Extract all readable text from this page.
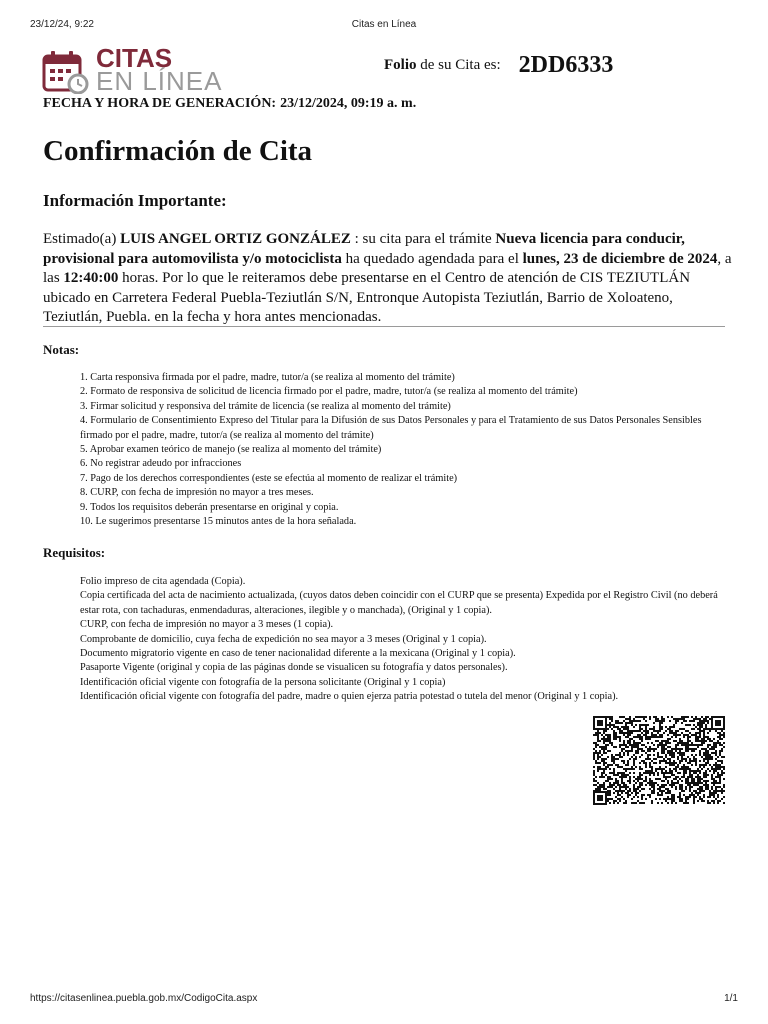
23/12/24, 9:22	Citas en Línea
CITAS
EN LÍNEA
Folio de su Cita es: 2DD6333
FECHA Y HORA DE GENERACIÓN: 23/12/2024, 09:19 a. m.
Confirmación de Cita
Información Importante:

Estimado(a) LUIS ANGEL ORTIZ GONZÁLEZ : su cita para el trámite Nueva licencia para conducir, provisional para automovilista y/o motociclista ha quedado agendada para el lunes, 23 de diciembre de 2024, a las 12:40:00 horas. Por lo que le reiteramos debe presentarse en el Centro de atención de CIS TEZIUTLÁN ubicado en Carretera Federal Puebla-Teziutlán S/N, Entronque Autopista Teziutlán, Barrio de Xoloateno, Teziutlán, Puebla. en la fecha y hora antes mencionadas.

Notas:
1. Carta responsiva firmada por el padre, madre, tutor/a (se realiza al momento del trámite)
2. Formato de responsiva de solicitud de licencia firmado por el padre, madre, tutor/a (se realiza al momento del trámite)
3. Firmar solicitud y responsiva del trámite de licencia (se realiza al momento del trámite)
4. Formulario de Consentimiento Expreso del Titular para la Difusión de sus Datos Personales y para el Tratamiento de sus Datos Personales Sensibles firmado por el padre, madre, tutor/a (se realiza al momento del trámite)
5. Aprobar examen teórico de manejo (se realiza al momento del trámite)
6. No registrar adeudo por infracciones
7. Pago de los derechos correspondientes (este se efectúa al momento de realizar el trámite)
8. CURP, con fecha de impresión no mayor a tres meses.
9. Todos los requisitos deberán presentarse en original y copia.
10. Le sugerimos presentarse 15 minutos antes de la hora señalada.
Requisitos:
Folio impreso de cita agendada (Copia).
Copia certificada del acta de nacimiento actualizada, (cuyos datos deben coincidir con el CURP que se presenta) Expedida por el Registro Civil (no deberá estar rota, con tachaduras, enmendaduras, alteraciones, ilegible y o manchada), (Original y 1 copia).
CURP, con fecha de impresión no mayor a 3 meses (1 copia).
Comprobante de domicilio, cuya fecha de expedición no sea mayor a 3 meses (Original y 1 copia).
Documento migratorio vigente en caso de tener nacionalidad diferente a la mexicana (Original y 1 copia).
Pasaporte Vigente (original y copia de las páginas donde se visualicen su fotografía y datos personales).
Identificación oficial vigente con fotografía de la persona solicitante (Original y 1 copia)
Identificación oficial vigente con fotografía del padre, madre o quien ejerza patria potestad o tutela del menor (Original y 1 copia).
https://citasenlinea.puebla.gob.mx/CodigoCita.aspx	1/1
